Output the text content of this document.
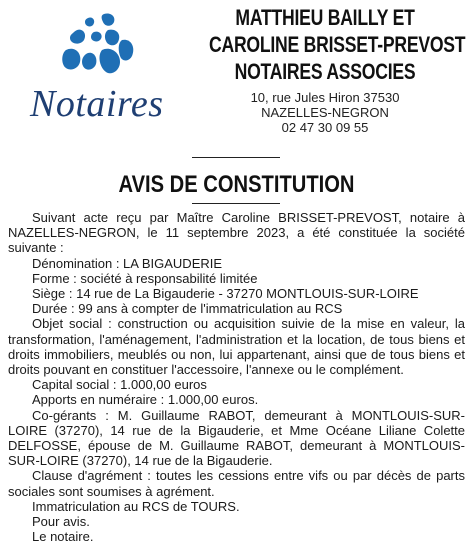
Notaires
MATTHIEU BAILLY ET
CAROLINE BRISSET-PREVOST
NOTAIRES ASSOCIES
10, rue Jules Hiron 37530
NAZELLES-NEGRON
02 47 30 09 55
AVIS DE CONSTITUTION

Suivant acte reçu par Maître Caroline BRISSET-PREVOST, notaire à NAZELLES-NEGRON, le 11 septembre 2023, a été constituée la société suivante :

Dénomination : LA BIGAUDERIE

Forme : société à responsabilité limitée

Siège : 14 rue de La Bigauderie - 37270 MONTLOUIS-SUR-LOIRE

Durée : 99 ans à compter de l'immatriculation au RCS

Objet social : construction ou acquisition suivie de la mise en valeur, la transformation, l'aménagement, l'administration et la location, de tous biens et droits immobiliers, meublés ou non, lui appartenant, ainsi que de tous biens et droits pouvant en constituer l'accessoire, l'annexe ou le complément.

Capital social : 1.000,00 euros

Apports en numéraire : 1.000,00 euros.

Co-gérants : M. Guillaume RABOT, demeurant à MONTLOUIS-SUR-LOIRE (37270), 14 rue de la Bigauderie, et Mme Océane Liliane Colette DELFOSSE, épouse de M. Guillaume RABOT, demeurant à MONTLOUIS-SUR-LOIRE (37270), 14 rue de la Bigauderie.

Clause d'agrément : toutes les cessions entre vifs ou par décès de parts sociales sont soumises à agrément.

Immatriculation au RCS de TOURS.

Pour avis.

Le notaire.
